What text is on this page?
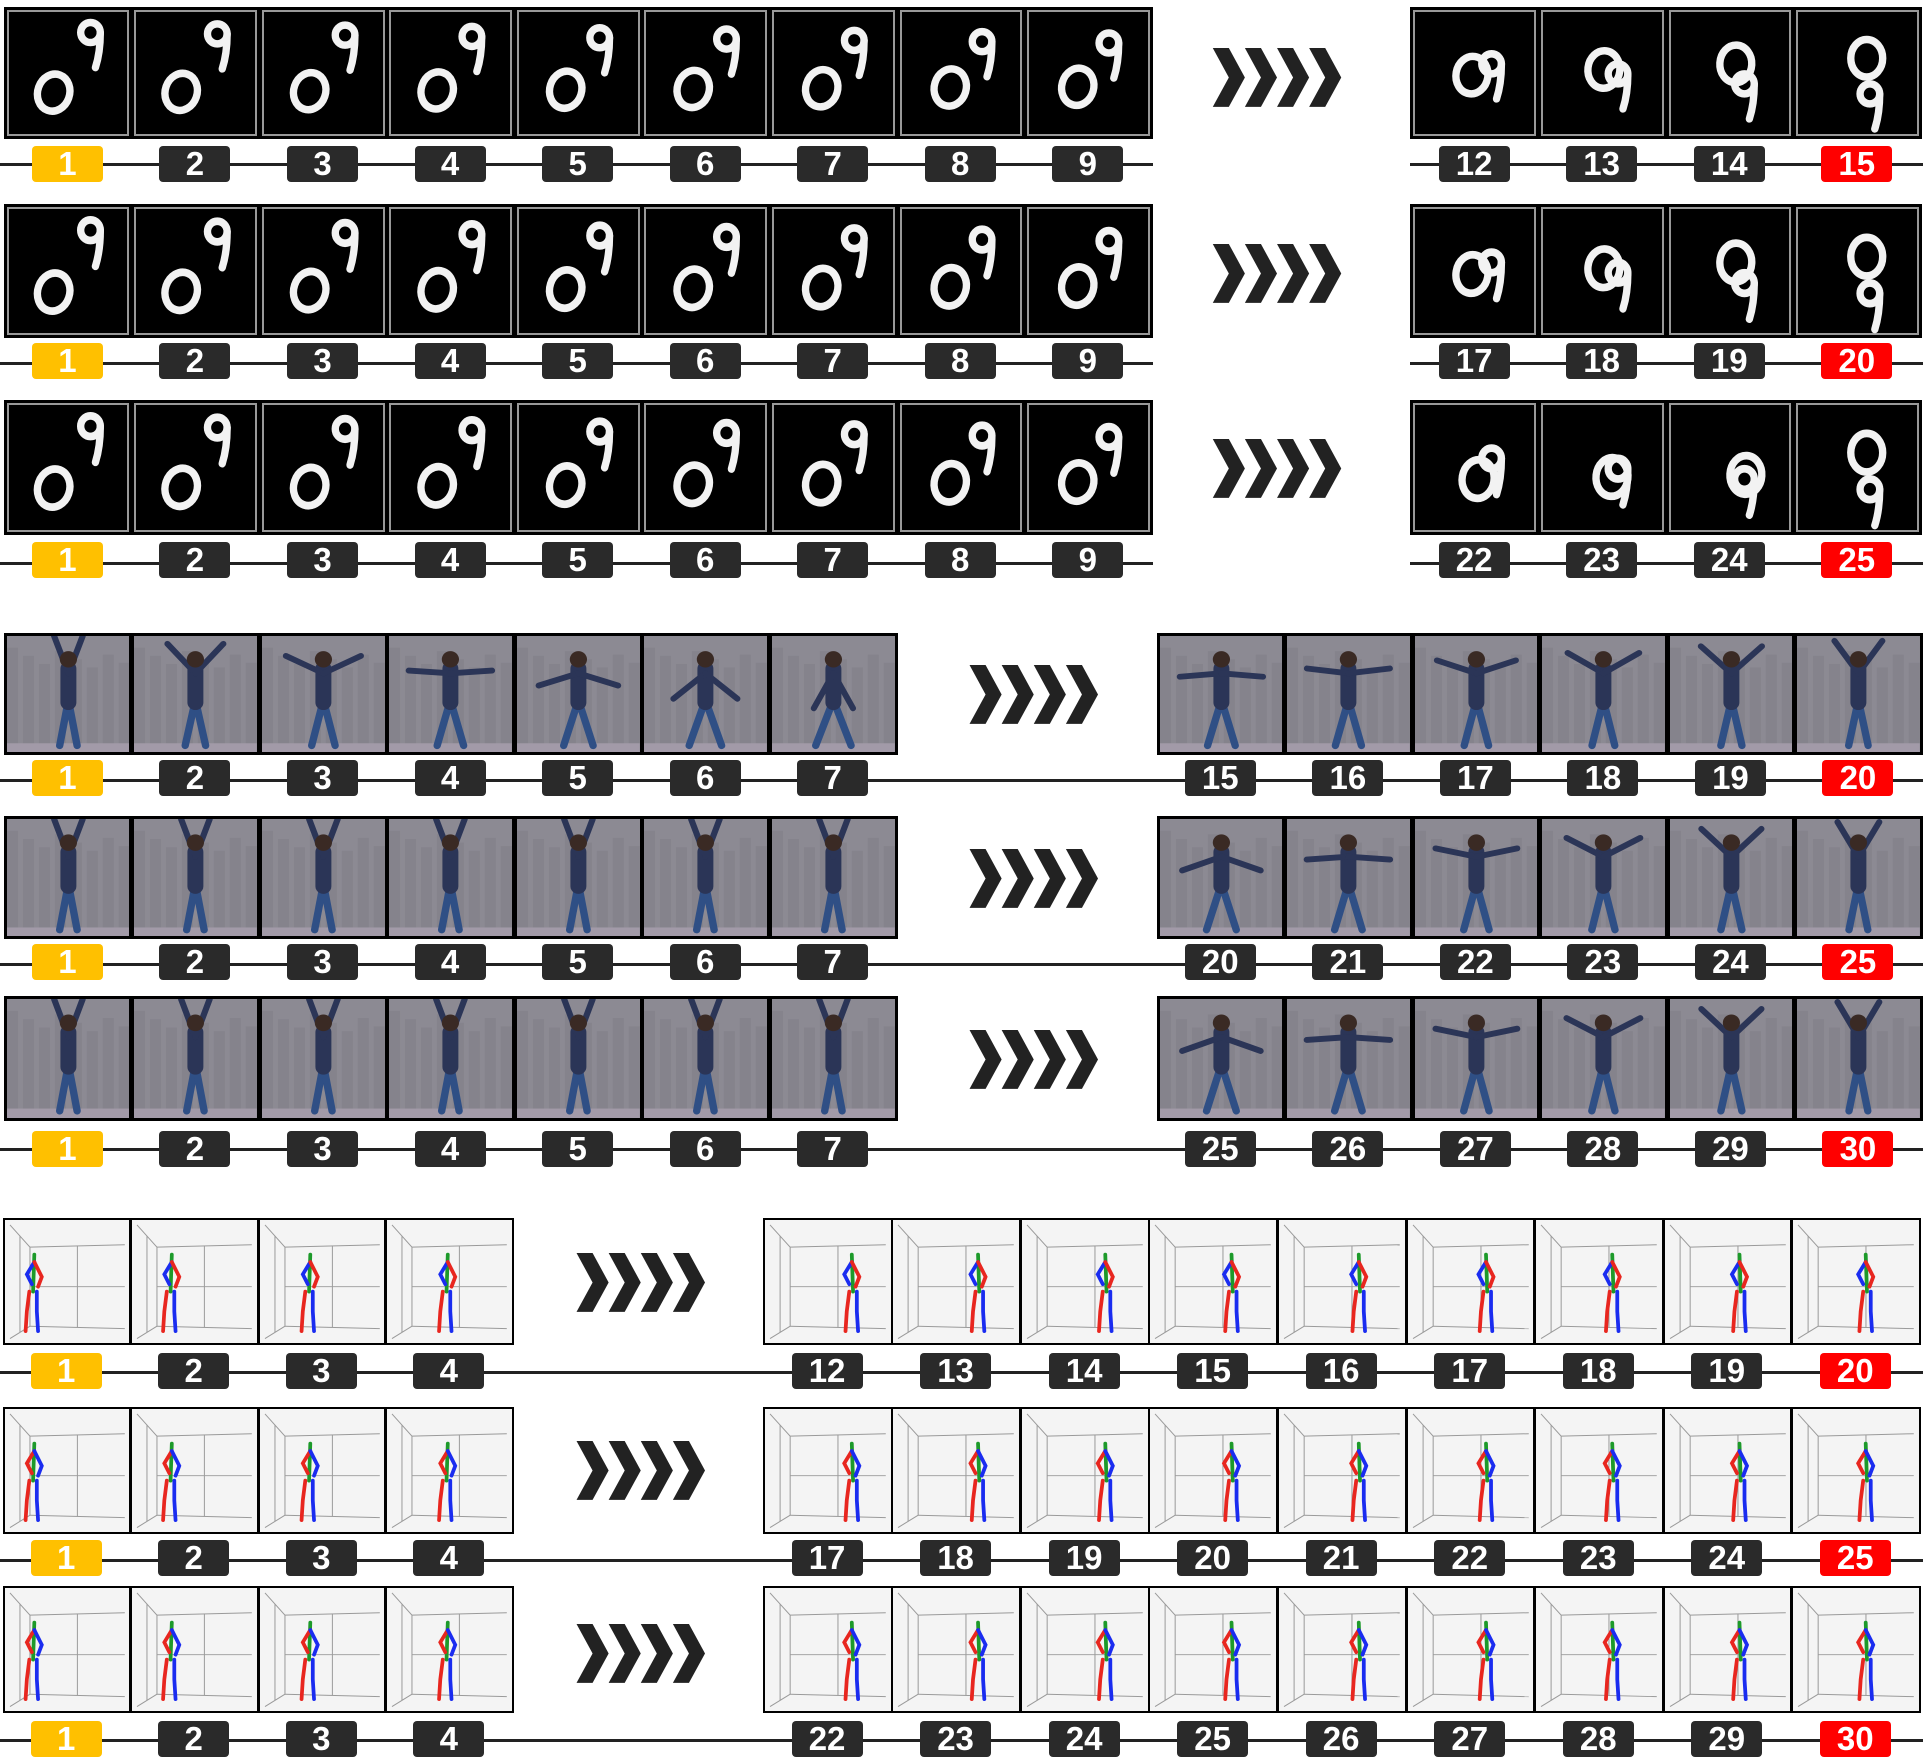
1	2	3	4	5	6	7	8	9	12	13	14	15
1	2	3	4	5	6	7	8	9	17	18	19	20
1	2	3	4	5	6	7	8	9	22	23	24	25
1	2	3	4	5	6	7	15	16	17	18	19	20
1	2	3	4	5	6	7	20	21	22	23	24	25
1	2	3	4	5	6	7	25	26	27	28	29	30
1	2	3	4	12	13	14	15	16	17	18	19	20
1	2	3	4	17	18	19	20	21	22	23	24	25
1	2	3	4	22	23	24	25	26	27	28	29	30
